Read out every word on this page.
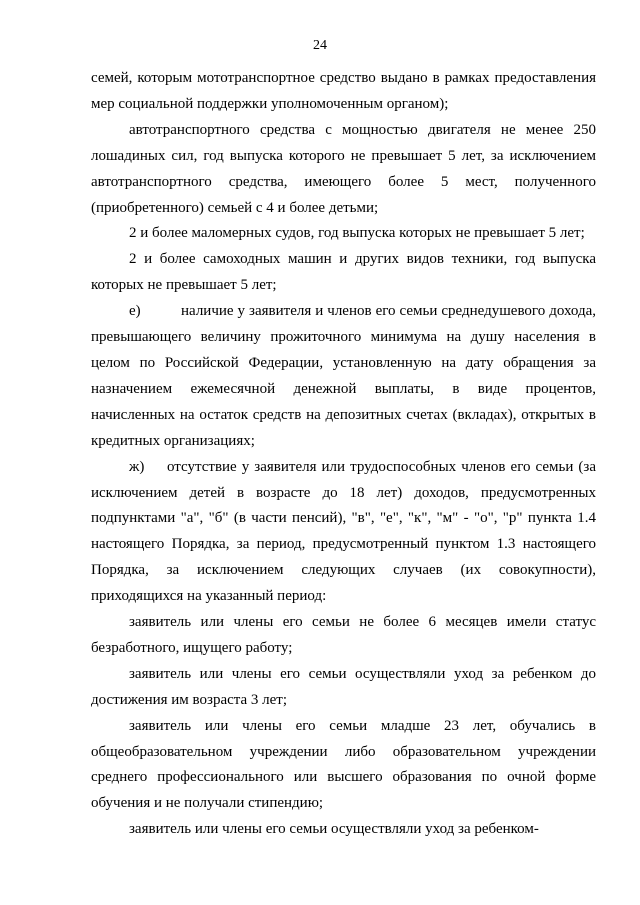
24

семей, которым мототранспортное средство выдано в рамках предоставления мер социальной поддержки уполномоченным органом);

автотранспортного средства с мощностью двигателя не менее 250 лошадиных сил, год выпуска которого не превышает 5 лет, за исключением автотранспортного средства, имеющего более 5 мест, полученного (приобретенного) семьей с 4 и более детьми;

2 и более маломерных судов, год выпуска которых не превышает 5 лет;

2 и более самоходных машин и других видов техники, год выпуска которых не превышает 5 лет;

е)	наличие у заявителя и членов его семьи среднедушевого дохода, превышающего величину прожиточного минимума на душу населения в целом по Российской Федерации, установленную на дату обращения за назначением ежемесячной денежной выплаты, в виде процентов, начисленных на остаток средств на депозитных счетах (вкладах), открытых в кредитных организациях;

ж) отсутствие у заявителя или трудоспособных членов его семьи (за исключением детей в возрасте до 18 лет) доходов, предусмотренных подпунктами "а", "б" (в части пенсий), "в", "е", "к", "м" - "о", "р" пункта 1.4 настоящего Порядка, за период, предусмотренный пунктом 1.3 настоящего Порядка, за исключением следующих случаев (их совокупности), приходящихся на указанный период:

заявитель или члены его семьи не более 6 месяцев имели статус безработного, ищущего работу;

заявитель или члены его семьи осуществляли уход за ребенком до достижения им возраста 3 лет;

заявитель или члены его семьи младше 23 лет, обучались в общеобразовательном учреждении либо образовательном учреждении среднего профессионального или высшего образования по очной форме обучения и не получали стипендию;

заявитель или члены его семьи осуществляли уход за ребенком-
